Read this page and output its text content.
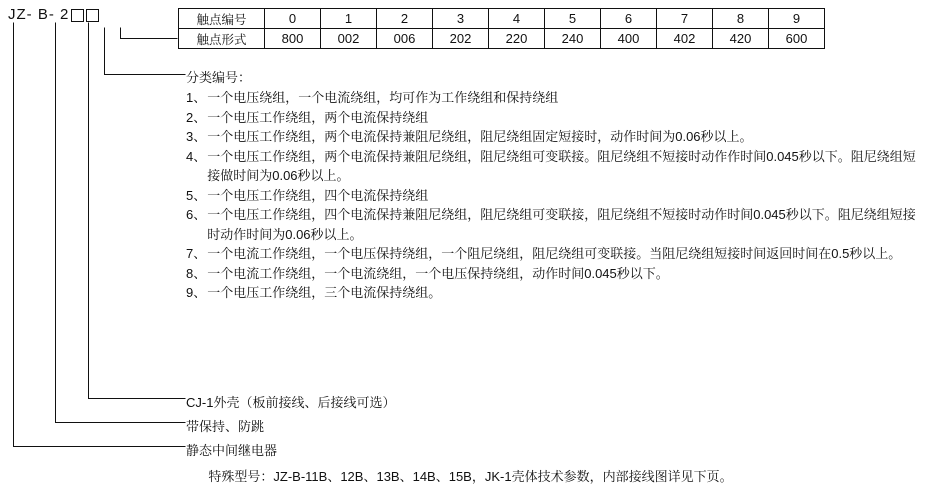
JZ- B- 2	触点编号	0	1	2	3	4	5	6	7	8	9
触点形式	800	002	006	202	220	240	400	402	420	600
分类编号：
1、 一个电压绕组，一个电流绕组，均可作为工作绕组和保持绕组
2、 一个电压工作绕组，两个电流保持绕组
3、 一个电压工作绕组，两个电流保持兼阻尼绕组，阻尼绕组固定短接时，动作时间为0.06秒以上。
4、 一个电压工作绕组，两个电流保持兼阻尼绕组，阻尼绕组可变联接。阻尼绕组不短接时动作作时间0.045秒以下。阻尼绕组短接做时间为0.06秒以上。
5、 一个电压工作绕组，四个电流保持绕组
6、 一个电压工作绕组，四个电流保持兼阻尼绕组，阻尼绕组可变联接，阻尼绕组不短接时动作时间0.045秒以下。阻尼绕组短接时动作时间为0.06秒以上。
7、 一个电流工作绕组，一个电压保持绕组，一个阻尼绕组，阻尼绕组可变联接。当阻尼绕组短接时间返回时间在0.5秒以上。
8、 一个电流工作绕组，一个电流绕组，一个电压保持绕组，动作时间0.045秒以下。
9、 一个电压工作绕组，三个电流保持绕组。
CJ-1外壳（板前接线、后接线可选）
带保持、防跳
静态中间继电器
特殊型号：JZ-B-11B、12B、13B、14B、15B，JK-1壳体技术参数，内部接线图详见下页。
